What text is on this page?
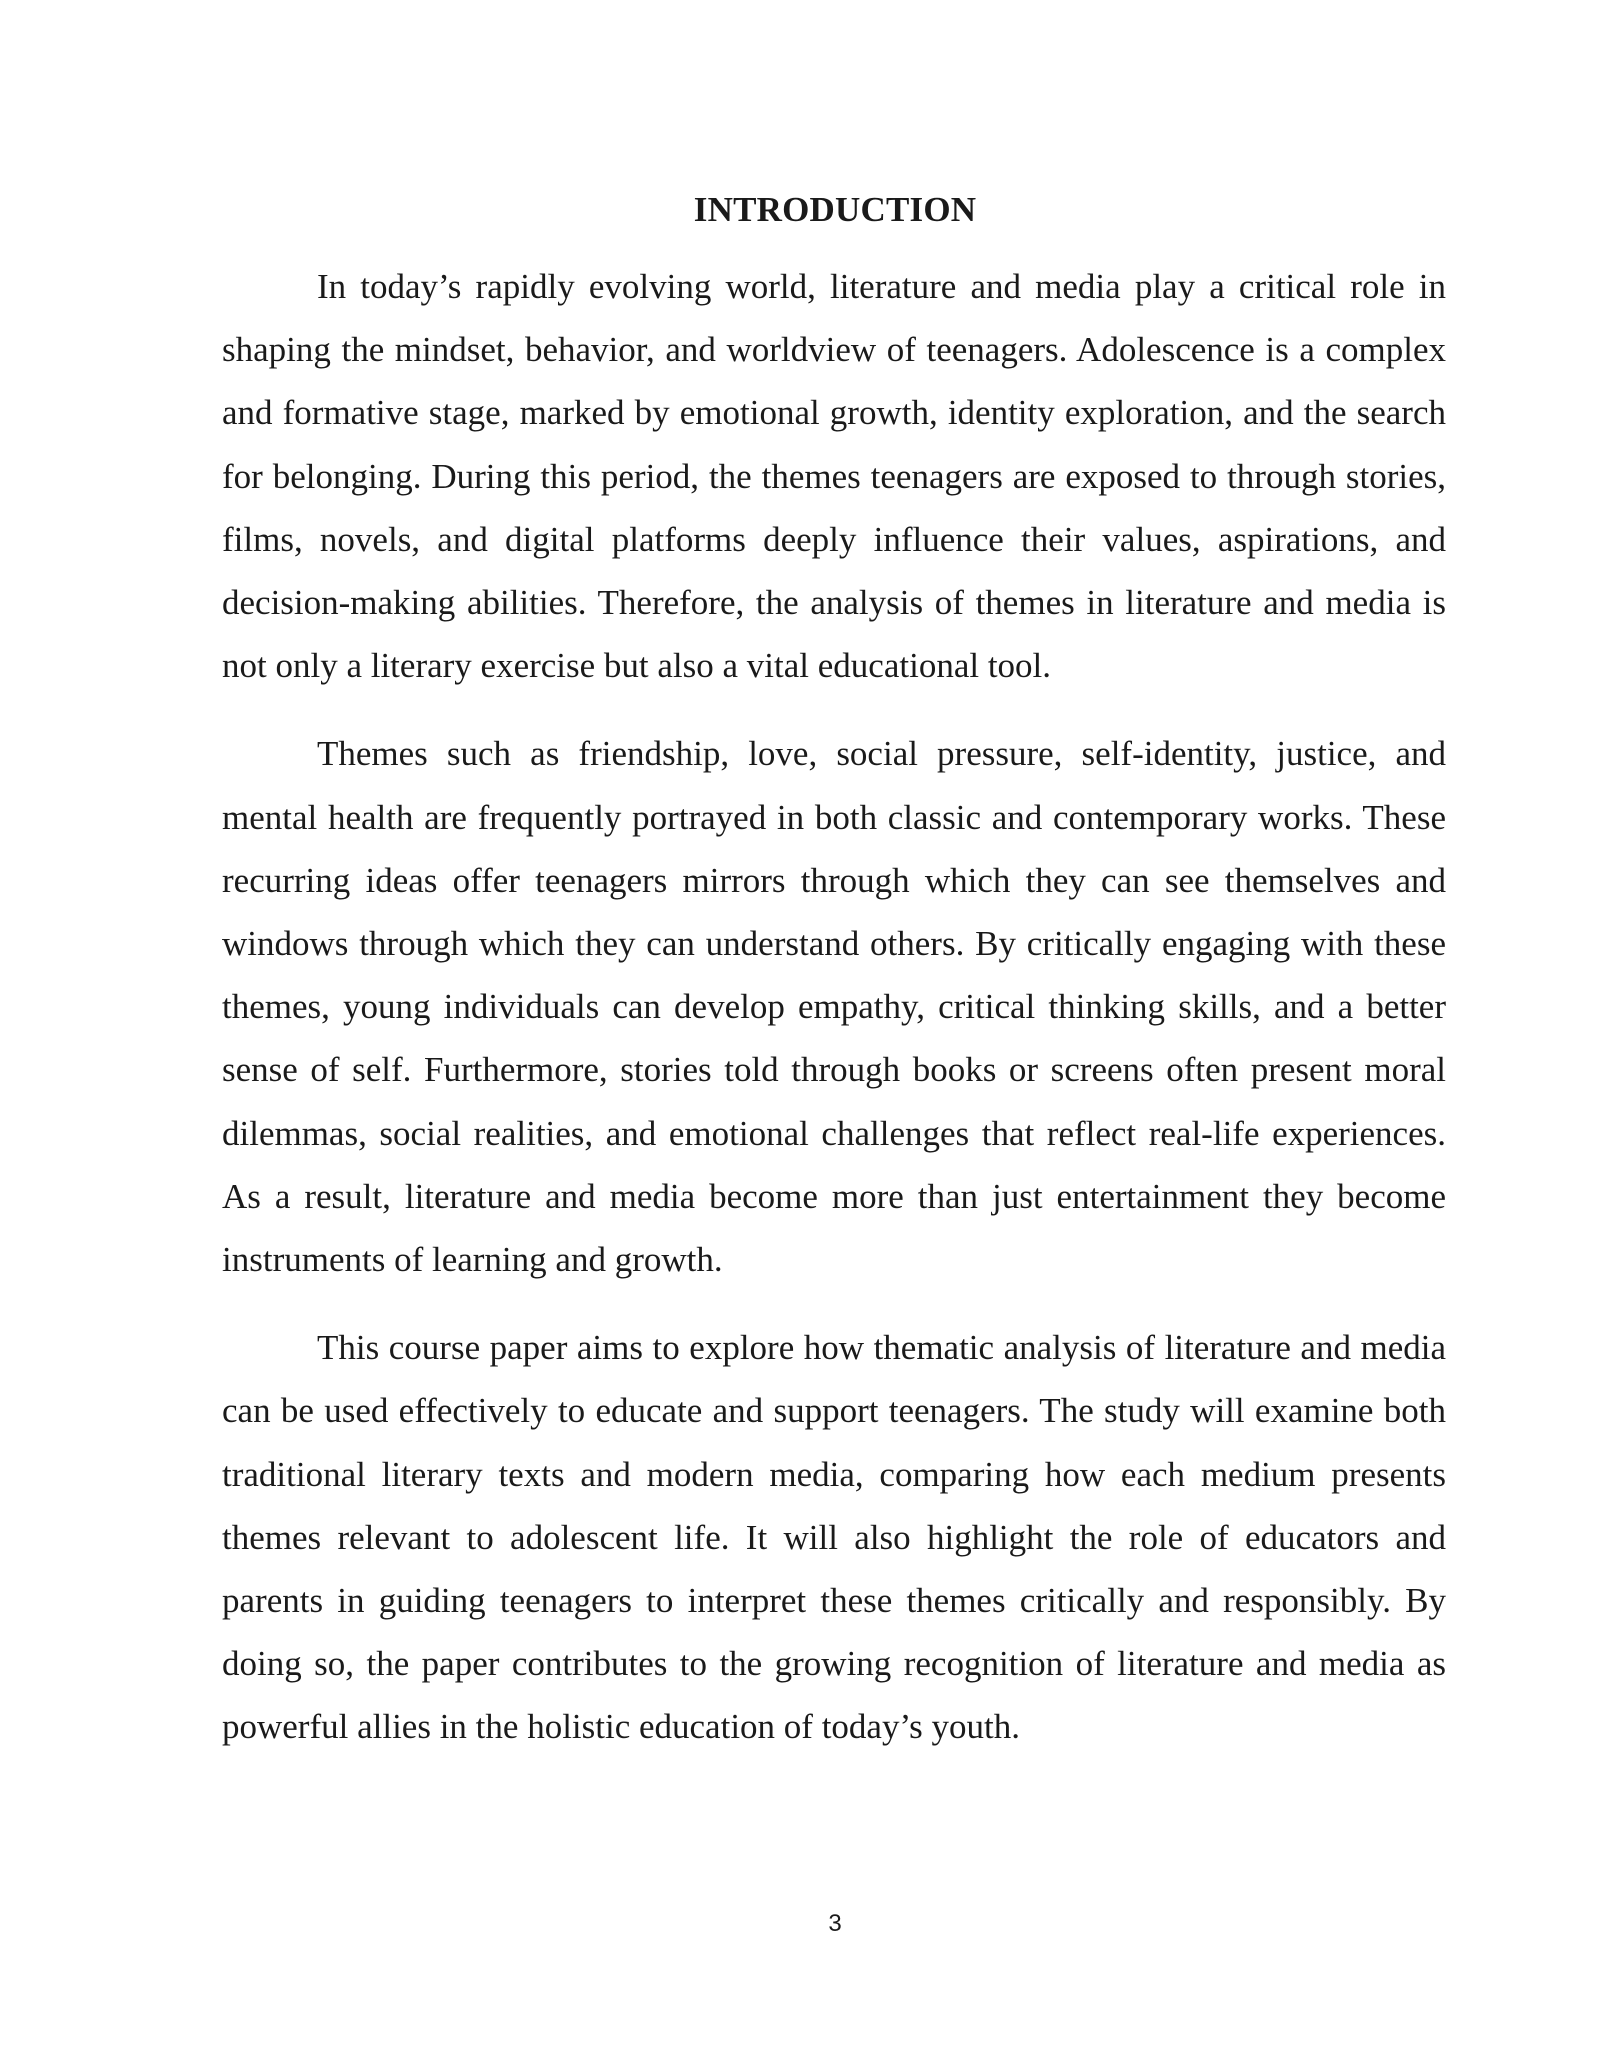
INTRODUCTION

In today’s rapidly evolving world, literature and media play a critical role in shaping the mindset, behavior, and worldview of teenagers. Adolescence is a complex and formative stage, marked by emotional growth, identity exploration, and the search for belonging. During this period, the themes teenagers are exposed to through stories, films, novels, and digital platforms deeply influence their values, aspirations, and decision-making abilities. Therefore, the analysis of themes in literature and media is not only a literary exercise but also a vital educational tool.

Themes such as friendship, love, social pressure, self-identity, justice, and mental health are frequently portrayed in both classic and contemporary works. These recurring ideas offer teenagers mirrors through which they can see themselves and windows through which they can understand others. By critically engaging with these themes, young individuals can develop empathy, critical thinking skills, and a better sense of self. Furthermore, stories told through books or screens often present moral dilemmas, social realities, and emotional challenges that reflect real-life experiences. As a result, literature and media become more than just entertainment they become instruments of learning and growth.

This course paper aims to explore how thematic analysis of literature and media can be used effectively to educate and support teenagers. The study will examine both traditional literary texts and modern media, comparing how each medium presents themes relevant to adolescent life. It will also highlight the role of educators and parents in guiding teenagers to interpret these themes critically and responsibly. By doing so, the paper contributes to the growing recognition of literature and media as powerful allies in the holistic education of today’s youth.

3
